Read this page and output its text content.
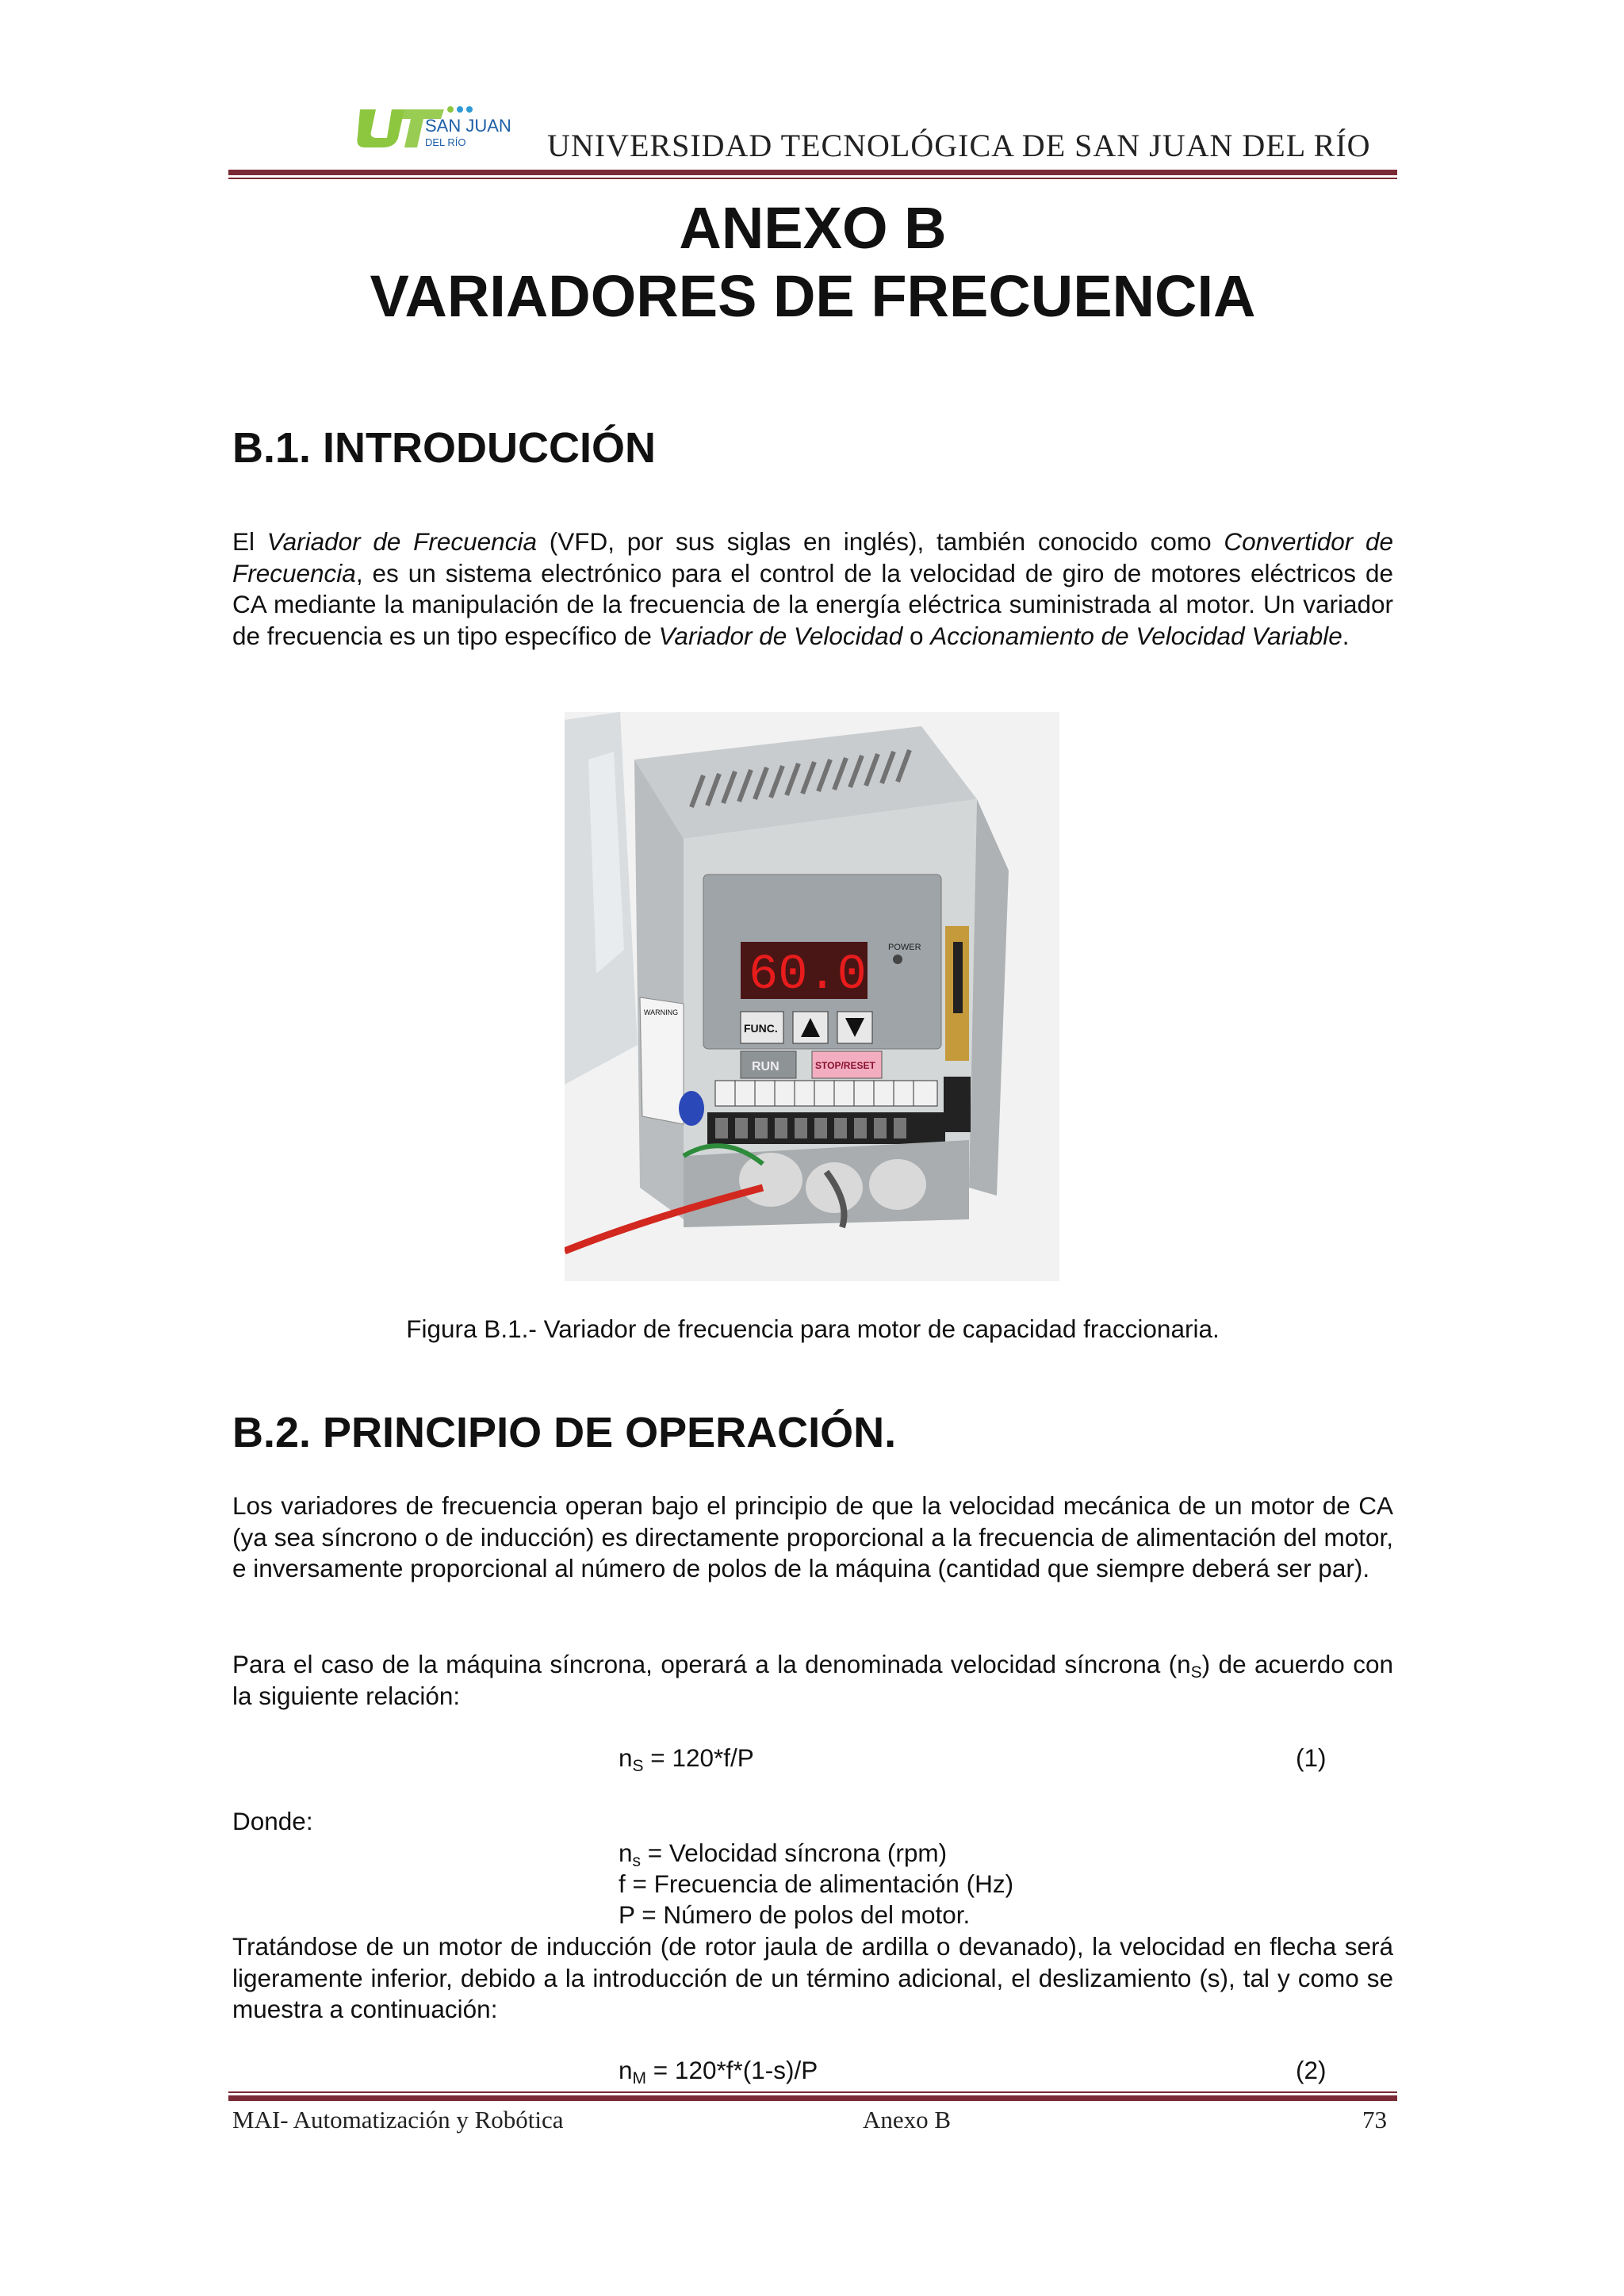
SAN JUAN
DEL RÍO	UNIVERSIDAD TECNOLÓGICA DE SAN JUAN DEL RÍO
ANEXO B
VARIADORES DE FRECUENCIA
B.1. INTRODUCCIÓN
El Variador de Frecuencia (VFD, por sus siglas en inglés), también conocido como Convertidor de Frecuencia, es un sistema electrónico para el control de la velocidad de giro de motores eléctricos de CA mediante la manipulación de la frecuencia de la energía eléctrica suministrada al motor. Un variador de frecuencia es un tipo específico de Variador de Velocidad o Accionamiento de Velocidad Variable.
60.0 POWER
FUNC.
RUN	STOP/RESET
WARNING
Figura B.1.- Variador de frecuencia para motor de capacidad fraccionaria.
B.2. PRINCIPIO DE OPERACIÓN.
Los variadores de frecuencia operan bajo el principio de que la velocidad mecánica de un motor de CA (ya sea síncrono o de inducción) es directamente proporcional a la frecuencia de alimentación del motor, e inversamente proporcional al número de polos de la máquina (cantidad que siempre deberá ser par).
Para el caso de la máquina síncrona, operará a la denominada velocidad síncrona $(n_S)$ de acuerdo con la siguiente relación:
$n_S = 120*f/P$	(1)
Donde:
$n_s$ = Velocidad síncrona (rpm)
f = Frecuencia de alimentación (Hz)
P = Número de polos del motor.
Tratándose de un motor de inducción (de rotor jaula de ardilla o devanado), la velocidad en flecha será ligeramente inferior, debido a la introducción de un término adicional, el deslizamiento (s), tal y como se muestra a continuación:
$n_M = 120*f*(1-s)/P$	(2)
MAI- Automatización y Robótica	Anexo B	73
